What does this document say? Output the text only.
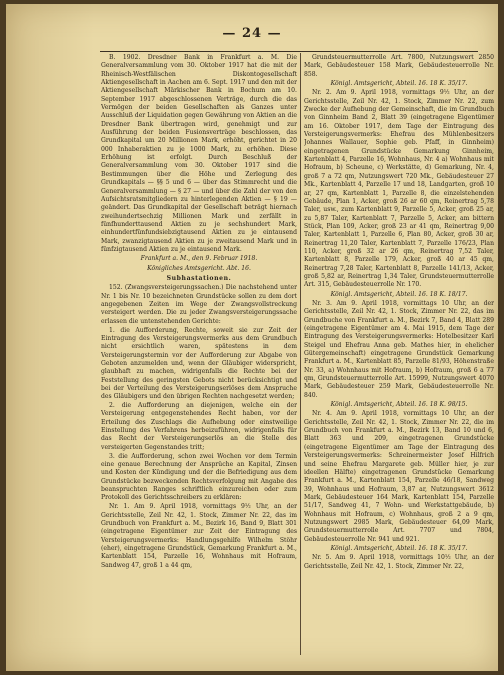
— 24 —

B. 1902. Dresdner Bank in Frankfurt a. M. Die Generalversammlung vom 30. Oktober 1917 hat die mit der Rheinisch-Westfälischen Diskontogesellschaft Aktiengesellschaft in Aachen am 6. Sept. 1917 und den mit der Aktiengesellschaft Märkischer Bank in Bochum am 10. September 1917 abgeschlossenen Verträge, durch die das Vermögen der beiden Gesellschaften als Ganzes unter Ausschluß der Liquidation gegen Gewährung von Aktien an die Dresdner Bank übertragen wird, genehmigt und zur Ausführung der beiden Fusionsverträge beschlossen, das Grundkapital um 20 Millionen Mark, erhöht, gerichtet in 20 000 Inhaberaktien zu je 1000 Mark, zu erhöhen. Diese Erhöhung ist erfolgt. Durch Beschluß der Generalversammlung vom 30. Oktober 1917 sind die Bestimmungen über die Höhe und Zerlegung des Grundkapitals — §§ 5 und 6 — über das Stimmrecht und die Generalversammlung — § 27 — und über die Zahl der von den Aufsichtsratsmitgliedern zu hinterlegenden Aktien — § 19 — geändert. Das Grundkapital der Gesellschaft beträgt hiernach zweihundertsechzig Millionen Mark und zerfällt in fünfhunderttausend Aktien zu je sechshundert Mark, einhundertfünfundsiebzigtausend Aktien zu je eintausend Mark, zwanzigtausend Aktien zu je zweitausend Mark und in fünfzigtausend Aktien zu je eintausend Mark.

Frankfurt a. M., den 9. Februar 1918.

Königliches Amtsgericht. Abt. 16.

Subhastationen.

152. (Zwangsversteigerungssachen.) Die nachstehend unter Nr. 1 bis Nr. 10 bezeichneten Grundstücke sollen zu dem dort angegebenen Zeiten im Wege der Zwangsvollstreckung versteigert werden. Die zu jeder Zwangsversteigerungssache erlassen die untenstehenden Gerichte:

1. die Aufforderung, Rechte, soweit sie zur Zeit der Eintragung des Versteigerungsvermerks aus dem Grundbuch nicht ersichtlich waren, spätestens in dem Versteigerungstermin vor der Aufforderung zur Abgabe von Geboten anzumelden und, wenn der Gläubiger widerspricht, glaubhaft zu machen, widrigenfalls die Rechte bei der Feststellung des geringsten Gebots nicht berücksichtigt und bei der Verteilung des Versteigerungserlöses dem Anspruche des Gläubigers und den übrigen Rechten nachgesetzt werden;

2. die Aufforderung an diejenigen, welche ein der Versteigerung entgegenstehendes Recht haben, vor der Erteilung des Zuschlags die Aufhebung oder einstweilige Einstellung des Verfahrens herbeizuführen, widrigenfalls für das Recht der Versteigerungserlös an die Stelle des versteigerten Gegenstandes tritt;

3. die Aufforderung, schon zwei Wochen vor dem Termin eine genaue Berechnung der Ansprüche an Kapital, Zinsen und Kosten der Kündigung und der die Befriedigung aus dem Grundstücke bezweckenden Rechtsverfolgung mit Angabe des beanspruchten Ranges schriftlich einzureichen oder zum Protokoll des Gerichtsschreibers zu erklären:

Nr. 1. Am 9. April 1918, vormittags 9½ Uhr, an der Gerichtsstelle, Zeil Nr. 42, 1. Stock, Zimmer Nr. 22, das im Grundbuch von Frankfurt a. M., Bezirk 16, Band 9, Blatt 301 (eingetragene Eigentümer zur Zeit der Eintragung des Versteigerungsvermerks: Handlungsgehilfe Wilhelm Stöhr (eher), eingetragene Grundstück, Gemarkung Frankfurt a. M., Kartenblatt 154, Parzelle 16, Wohnhaus mit Hofraum, Sandweg 47, groß 1 a 44 qm,

Grundsteuermutterrolle Art. 7800, Nutzungswert 2850 Mark, Gebäudesteuer 158 Mark, Gebäudesteuerrolle Nr. 858.

Königl. Amtsgericht, Abteil. 16. 18 K. 35/17.

Nr. 2. Am 9. April 1918, vormittags 9½ Uhr, an der Gerichtsstelle, Zeil Nr. 42, 1. Stock, Zimmer Nr. 22, zum Zwecke der Aufhebung der Gemeinschaft, die im Grundbuch von Ginnheim Band 2, Blatt 39 (eingetragene Eigentümer am 16. Oktober 1917, dem Tage der Eintragung des Versteigerungsvermerks: Ehefrau des Mühlenbesitzers Johannes Wallauer, Sophie geb. Pfaff, in Ginnheim) eingetragenen Grundstücke Gemarkung Ginnheim, Kartenblatt 4, Parzelle 16, Wohnhaus, Nr. 4 a) Wohnhaus mit Hofraum, b) Scheune, c) Werkstätte, d) Gemarkung, Nr. 4, groß 7 a 72 qm, Nutzungswert 720 Mk., Gebäudesteuer 27 Mk., Kartenblatt 4, Parzelle 17 und 18, Landgarten, groß 10 ar, 27 qm, Kartenblatt 1, Parzelle 8, die einzelstehenden Gebäude, Plan 1, Acker, groß 26 ar 60 qm, Reinertrag 5,78 Taler, usw., zum Kartenblatt 9, Parzelle 5, Acker, groß 25 ar, zu 5,87 Taler, Kartenblatt 7, Parzelle 5, Acker, am bittern Stück, Plan 109, Acker, groß 23 ar 41 qm, Reinertrag 9,00 Taler, Kartenblatt 1, Parzelle 6, Plan 80, Acker, groß 30 ar, Reinertrag 11,20 Taler, Kartenblatt 7, Parzelle 176/23, Plan 110, Acker, groß 32 ar 26 qm, Reinertrag 7,52 Taler, Kartenblatt 8, Parzelle 179, Acker, groß 40 ar 45 qm, Reinertrag 7,28 Taler, Kartenblatt 8, Parzelle 141/13, Acker, groß 5,82 ar, Reinertrag 1,34 Taler, Grundsteuermutterrolle Art. 315, Gebäudesteuerrolle Nr. 170.

Königl. Amtsgericht, Abteil. 16. 18 K. 18/17.

Nr. 3. Am 9. April 1918, vormittags 10 Uhr, an der Gerichtsstelle, Zeil Nr. 42, 1. Stock, Zimmer Nr. 22, das im Grundbuche von Frankfurt a. M., Bezirk 7, Band 4, Blatt 289 (eingetragene Eigentümer am 4. Mai 1915, dem Tage der Eintragung des Versteigerungsvermerks: Hotelbesitzer Karl Steigel und Ehefrau Anna geb. Mathes hier, in ehelicher Gütergemeinschaft) eingetragene Grundstück Gemarkung Frankfurt a. M., Kartenblatt 85, Parzelle 81/93, Höhenstraße Nr. 33, a) Wohnhaus mit Hofraum, b) Hofraum, groß 6 a 77 qm, Grundsteuermutterrolle Art. 15999, Nutzungswert 4070 Mark, Gebäudesteuer 259 Mark, Gebäudesteuerrolle Nr. 840.

Königl. Amtsgericht, Abteil. 16. 18 K. 98/15.

Nr. 4. Am 9. April 1918, vormittags 10 Uhr, an der Gerichtsstelle, Zeil Nr. 42, 1. Stock, Zimmer Nr. 22, die im Grundbuch von Frankfurt a. M., Bezirk 13, Band 10 und 6, Blatt 363 und 209, eingetragenen Grundstücke (eingetragene Eigentümer am Tage der Eintragung des Versteigerungsvermerks: Schreinermeister Josef Hilfrich und seine Ehefrau Margarete geb. Müller hier, je zur ideellen Hälfte) eingetragenen Grundstücke Gemarkung Frankfurt a. M., Kartenblatt 154, Parzelle 46/18, Sandweg 39, Wohnhaus und Hofraum, 3,87 ar, Nutzungswert 3612 Mark, Gebäudesteuer 164 Mark, Kartenblatt 154, Parzelle 51/17, Sandweg 41, 7 Wohn- und Werkstattgebäude, b) Wohnhaus mit Hofraum, c) Wohnhaus, groß 2 a 9 qm, Nutzungswert 2985 Mark, Gebäudesteuer 64,09 Mark, Grundsteuermutterrolle Art. 7707 und 7804, Gebäudesteuerrolle Nr. 941 und 921.

Königl. Amtsgericht, Abteil. 16. 18 K. 35/17.

Nr. 5. Am 9. April 1918, vormittags 10½ Uhr, an der Gerichtsstelle, Zeil Nr. 42, 1. Stock, Zimmer Nr. 22,
